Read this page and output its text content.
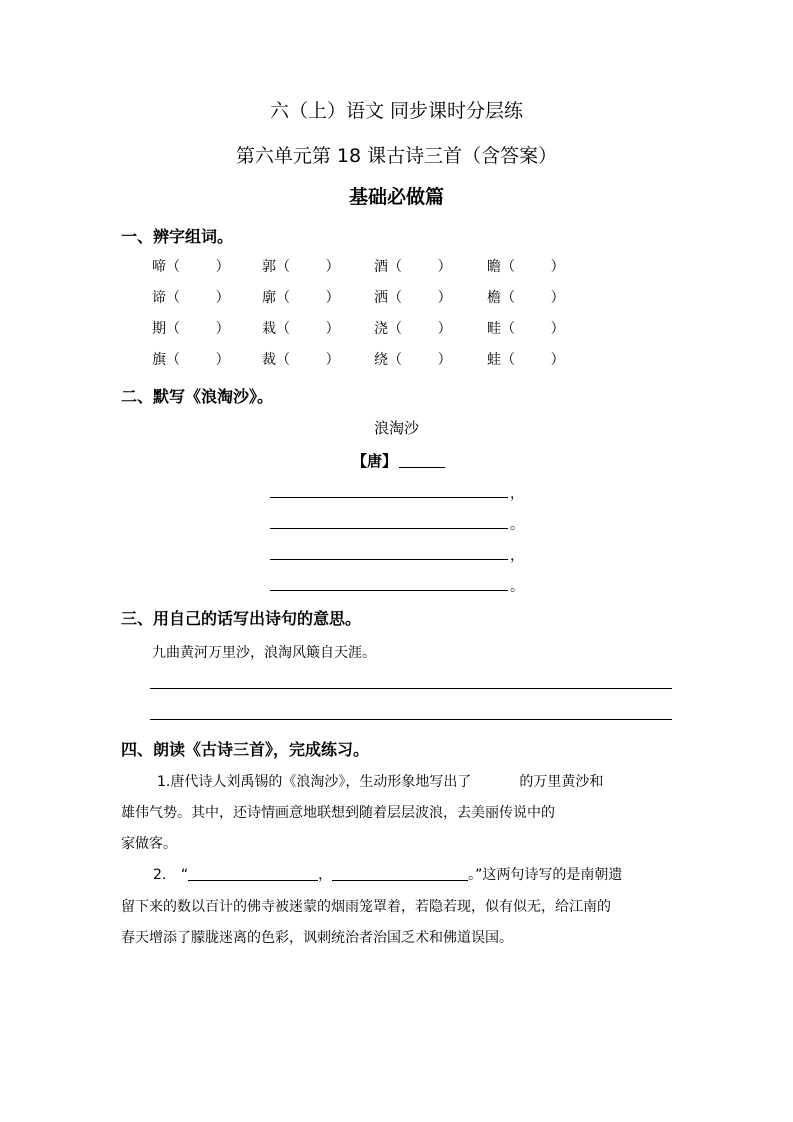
六（上）语文 同步课时分层练
第六单元第 18 课古诗三首（含答案）
基础必做篇
一、辨字组词。
啼（        ） 郭（        ） 酒（        ）	瞻（        ）
谛（        ） 廓（        ） 洒（        ）	檐（        ）
期（        ） 栽（        ） 浇（        ）	畦（        ）
旗（        ） 裁（        ） 绕（        ）	蛙（        ）
二、默写《浪淘沙》。
浪淘沙
【唐】
，
。
，
。
三、用自己的话写出诗句的意思。
九曲黄河万里沙，浪淘风簸自天涯。
四、朗读《古诗三首》，完成练习。
1.唐代诗人刘禹锡的《浪淘沙》，生动形象地写出了	的万里黄沙和
雄伟气势。其中，还诗情画意地联想到随着层层波浪，去美丽传说中的
家做客。
2. “	，	。”这两句诗写的是南朝遗
留下来的数以百计的佛寺被迷蒙的烟雨笼罩着，若隐若现，似有似无，给江南的
春天增添了朦胧迷离的色彩，讽刺统治者治国乏术和佛道误国。
